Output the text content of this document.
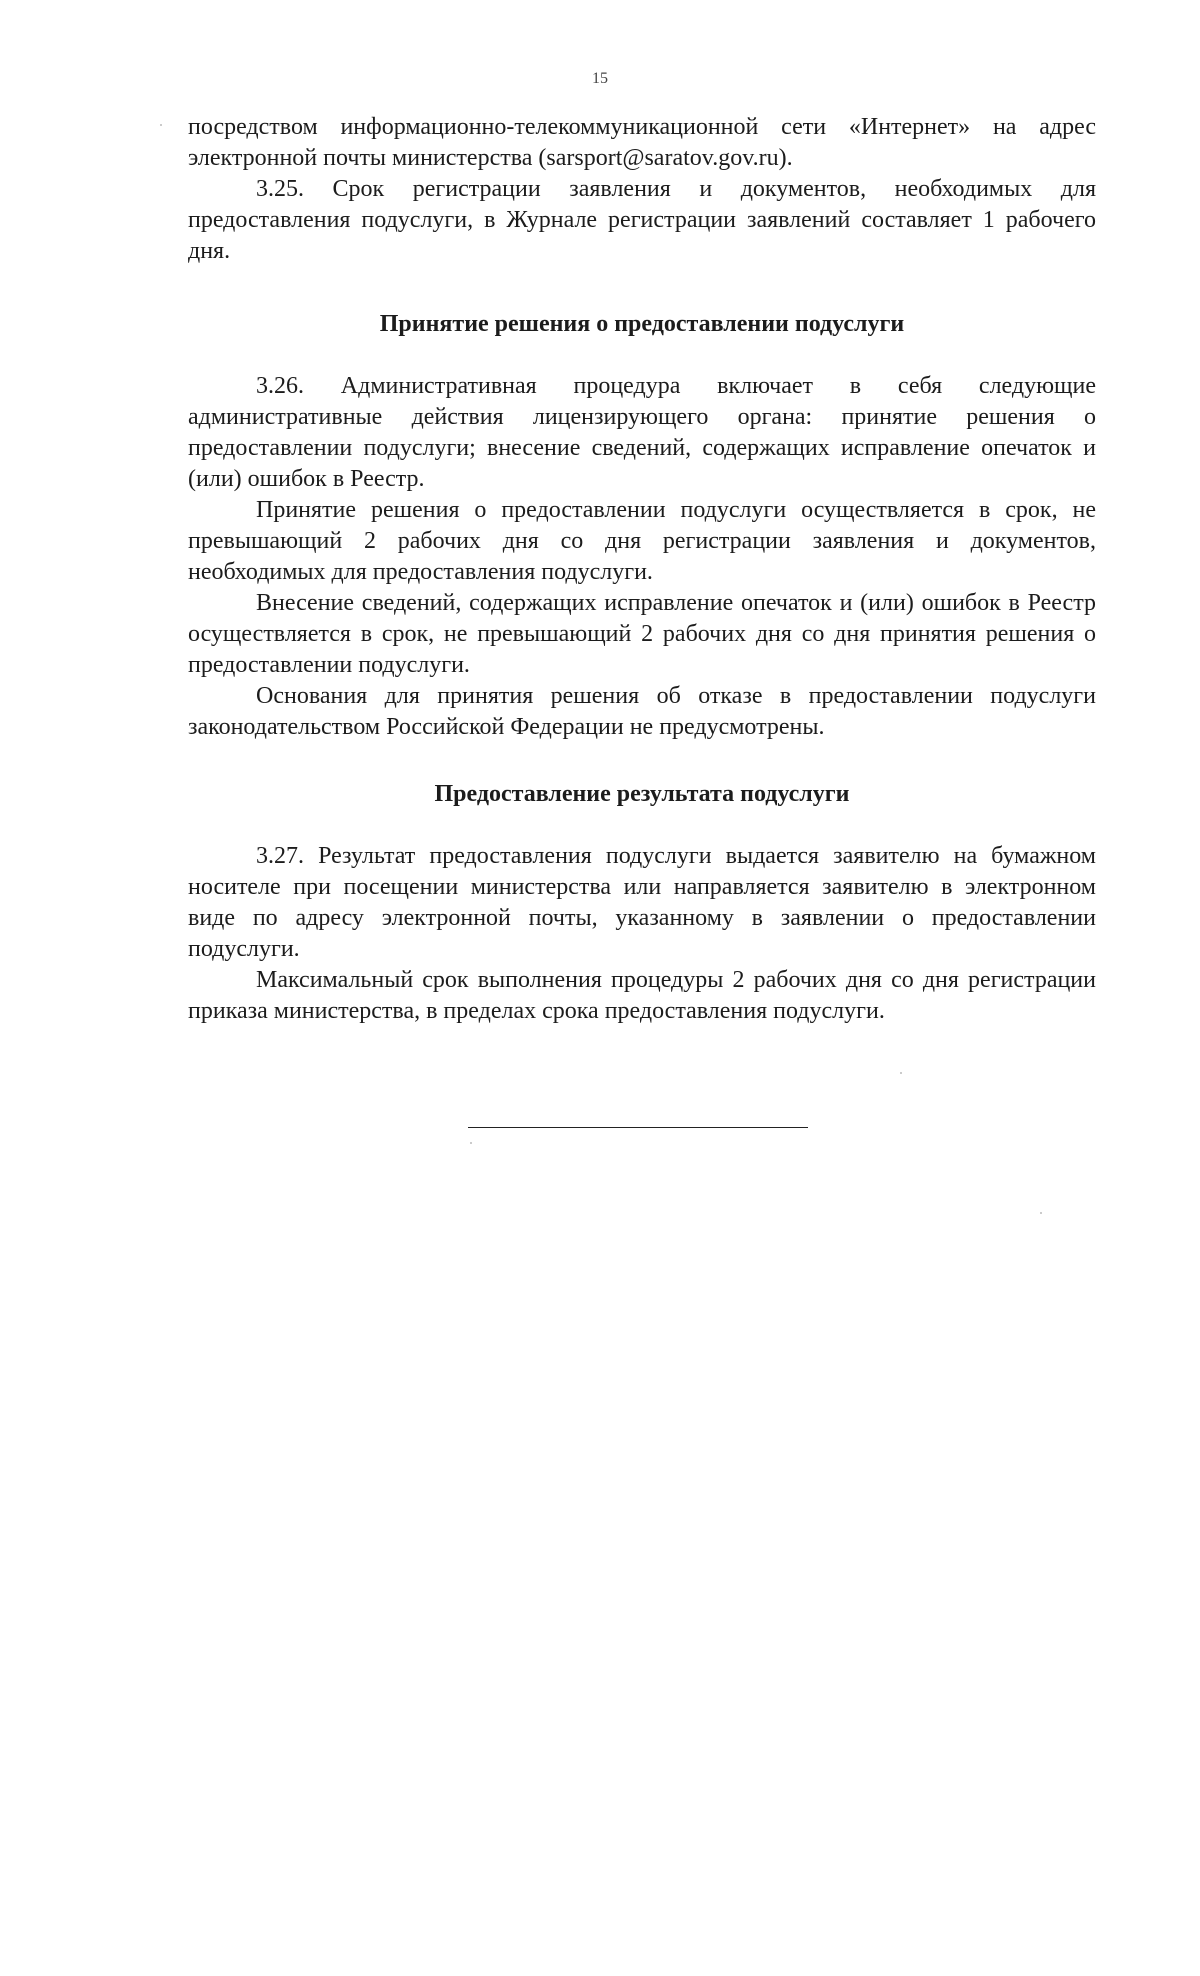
15

посредством информационно-телекоммуникационной сети «Интернет» на адрес электронной почты министерства (sarsport@saratov.gov.ru).

3.25. Срок регистрации заявления и документов, необходимых для предоставления подуслуги, в Журнале регистрации заявлений составляет 1 рабочего дня.

Принятие решения о предоставлении подуслуги

3.26. Административная процедура включает в себя следующие административные действия лицензирующего органа: принятие решения о предоставлении подуслуги; внесение сведений, содержащих исправление опечаток и (или) ошибок в Реестр.

Принятие решения о предоставлении подуслуги осуществляется в срок, не превышающий 2 рабочих дня со дня регистрации заявления и документов, необходимых для предоставления подуслуги.

Внесение сведений, содержащих исправление опечаток и (или) ошибок в Реестр осуществляется в срок, не превышающий 2 рабочих дня со дня принятия решения о предоставлении подуслуги.

Основания для принятия решения об отказе в предоставлении подуслуги законодательством Российской Федерации не предусмотрены.

Предоставление результата подуслуги

3.27. Результат предоставления подуслуги выдается заявителю на бумажном носителе при посещении министерства или направляется заявителю в электронном виде по адресу электронной почты, указанному в заявлении о предоставлении подуслуги.

Максимальный срок выполнения процедуры 2 рабочих дня со дня регистрации приказа министерства, в пределах срока предоставления подуслуги.
